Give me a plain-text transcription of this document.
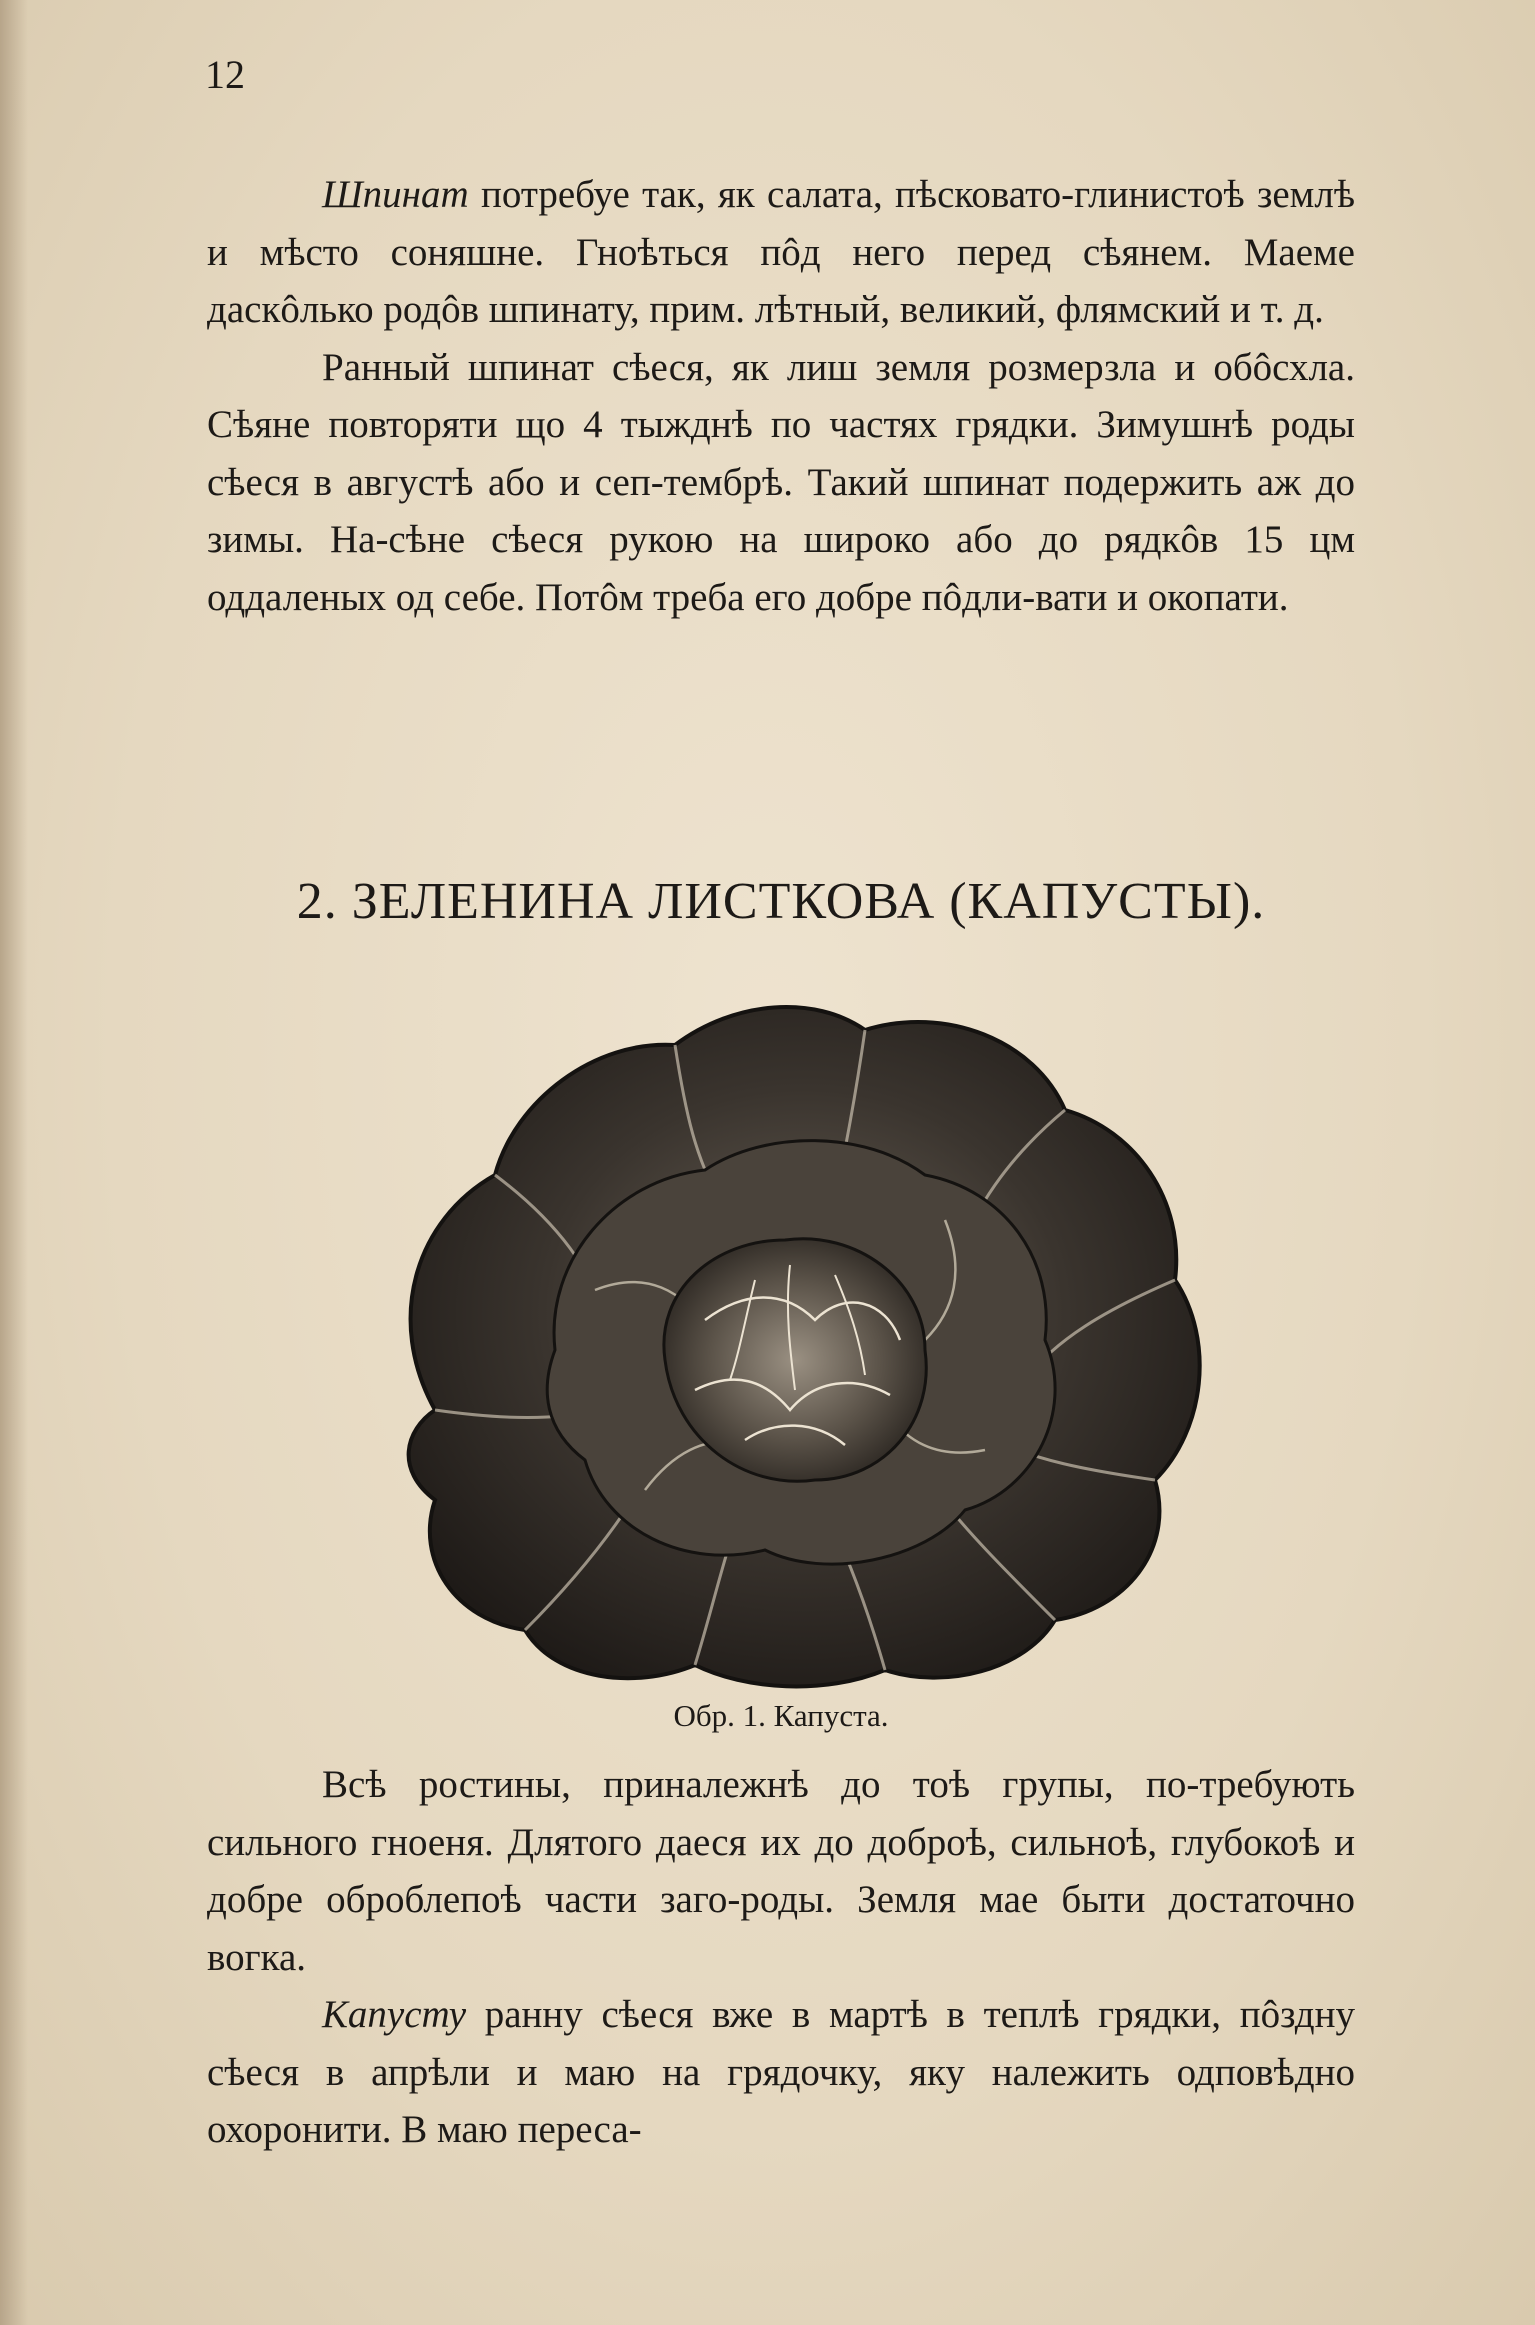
12

Шпинат потребуе так, як салата, пѣсковато-глинистоѣ землѣ и мѣсто соняшне. Гноѣться пôд него перед сѣянем. Маеме даскôлько родôв шпинату, прим. лѣтный, великий, флямский и т. д.

Ранный шпинат сѣеся, як лиш земля розмерзла и обôсхла. Сѣяне повторяти що 4 тыжднѣ по частях грядки. Зимушнѣ роды сѣеся в августѣ або и сеп-тембрѣ. Такий шпинат подержить аж до зимы. На-сѣне сѣеся рукою на широко або до рядкôв 15 цм оддаленых од себе. Потôм треба его добре пôдли-вати и окопати.

2. ЗЕЛЕНИНА ЛИСТКОВА (КАПУСТЫ).
Обр. 1. Капуста.

Всѣ ростины, приналежнѣ до тоѣ групы, по-требують сильного гноеня. Длятого даеся их до доброѣ, сильноѣ, глубокоѣ и добре оброблепоѣ части заго-роды. Земля мае быти достаточно вогка.

Капусту ранну сѣеся вже в мартѣ в теплѣ грядки, пôздну сѣеся в апрѣли и маю на грядочку, яку належить одповѣдно охоронити. В маю переса-
